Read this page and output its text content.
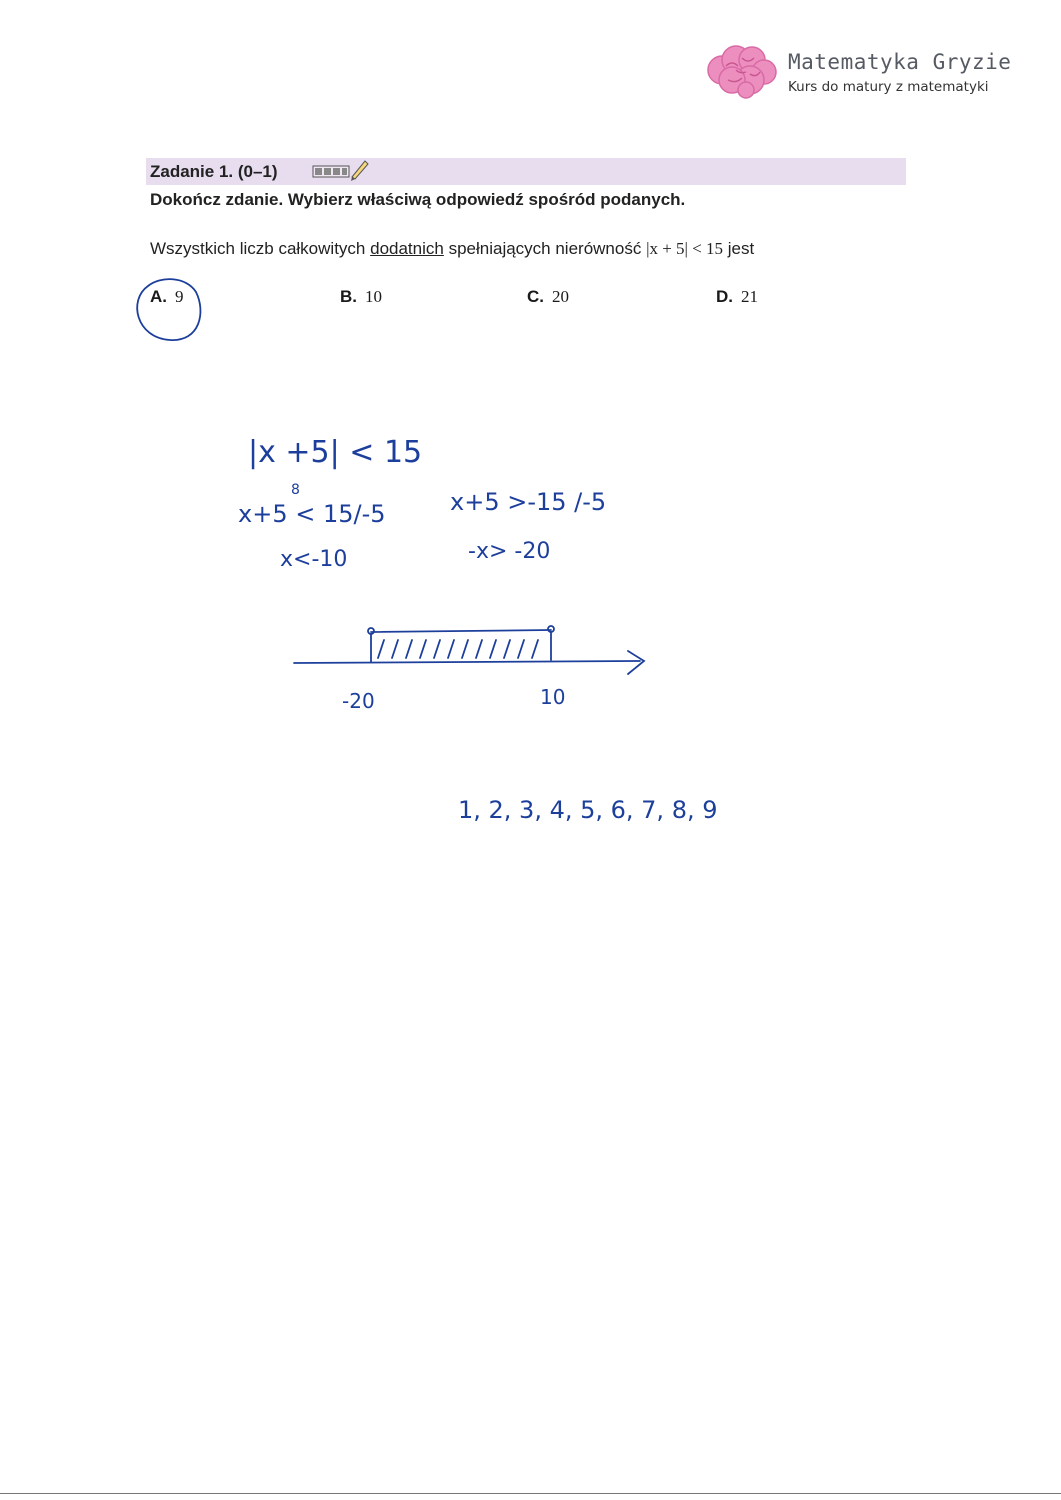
Matematyka Gryzie
Kurs do matury z matematyki
Zadanie 1. (0–1)
Dokończ zdanie. Wybierz właściwą odpowiedź spośród podanych.
Wszystkich liczb całkowitych dodatnich spełniających nierówność |x + 5| < 15 jest
A. 9	B. 10	C. 20	D. 21
|x +5| < 15
x+5 < 15/-5
8	x+5 >-15 /-5
x<-10	-x> -20
-20	10
1, 2, 3, 4, 5, 6, 7, 8, 9
